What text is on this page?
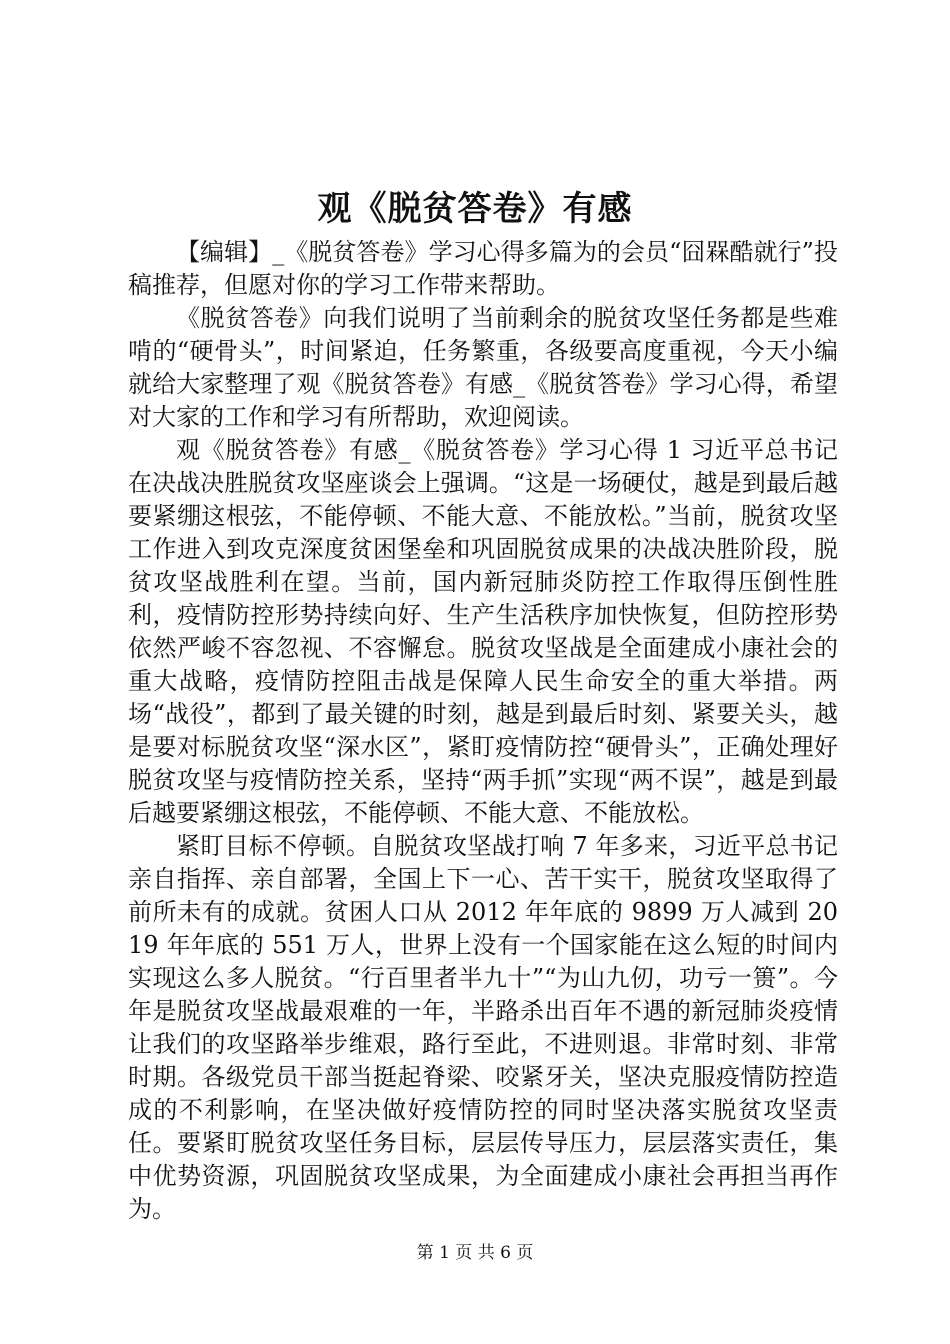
观《脱贫答卷》有感

【编辑】_《脱贫答卷》学习心得多篇为的会员“囧槑酷就行”投稿推荐，但愿对你的学习工作带来帮助。

《脱贫答卷》向我们说明了当前剩余的脱贫攻坚任务都是些难啃的“硬骨头”，时间紧迫，任务繁重，各级要高度重视，今天小编就给大家整理了观《脱贫答卷》有感_《脱贫答卷》学习心得，希望对大家的工作和学习有所帮助，欢迎阅读。

观《脱贫答卷》有感_《脱贫答卷》学习心得 1 习近平总书记在决战决胜脱贫攻坚座谈会上强调。“这是一场硬仗，越是到最后越要紧绷这根弦，不能停顿、不能大意、不能放松。”当前，脱贫攻坚工作进入到攻克深度贫困堡垒和巩固脱贫成果的决战决胜阶段，脱贫攻坚战胜利在望。当前，国内新冠肺炎防控工作取得压倒性胜利，疫情防控形势持续向好、生产生活秩序加快恢复，但防控形势依然严峻不容忽视、不容懈怠。脱贫攻坚战是全面建成小康社会的重大战略，疫情防控阻击战是保障人民生命安全的重大举措。两场“战役”，都到了最关键的时刻，越是到最后时刻、紧要关头，越是要对标脱贫攻坚“深水区”，紧盯疫情防控“硬骨头”，正确处理好脱贫攻坚与疫情防控关系，坚持“两手抓”实现“两不误”，越是到最后越要紧绷这根弦，不能停顿、不能大意、不能放松。

紧盯目标不停顿。自脱贫攻坚战打响 7 年多来，习近平总书记亲自指挥、亲自部署，全国上下一心、苦干实干，脱贫攻坚取得了前所未有的成就。贫困人口从 2012 年年底的 9899 万人减到 2019 年年底的 551 万人，世界上没有一个国家能在这么短的时间内实现这么多人脱贫。“行百里者半九十”“为山九仞，功亏一篑”。今年是脱贫攻坚战最艰难的一年，半路杀出百年不遇的新冠肺炎疫情让我们的攻坚路举步维艰，路行至此，不进则退。非常时刻、非常时期。各级党员干部当挺起脊梁、咬紧牙关，坚决克服疫情防控造成的不利影响，在坚决做好疫情防控的同时坚决落实脱贫攻坚责任。要紧盯脱贫攻坚任务目标，层层传导压力，层层落实责任，集中优势资源，巩固脱贫攻坚成果，为全面建成小康社会再担当再作为。

第 1 页 共 6 页
